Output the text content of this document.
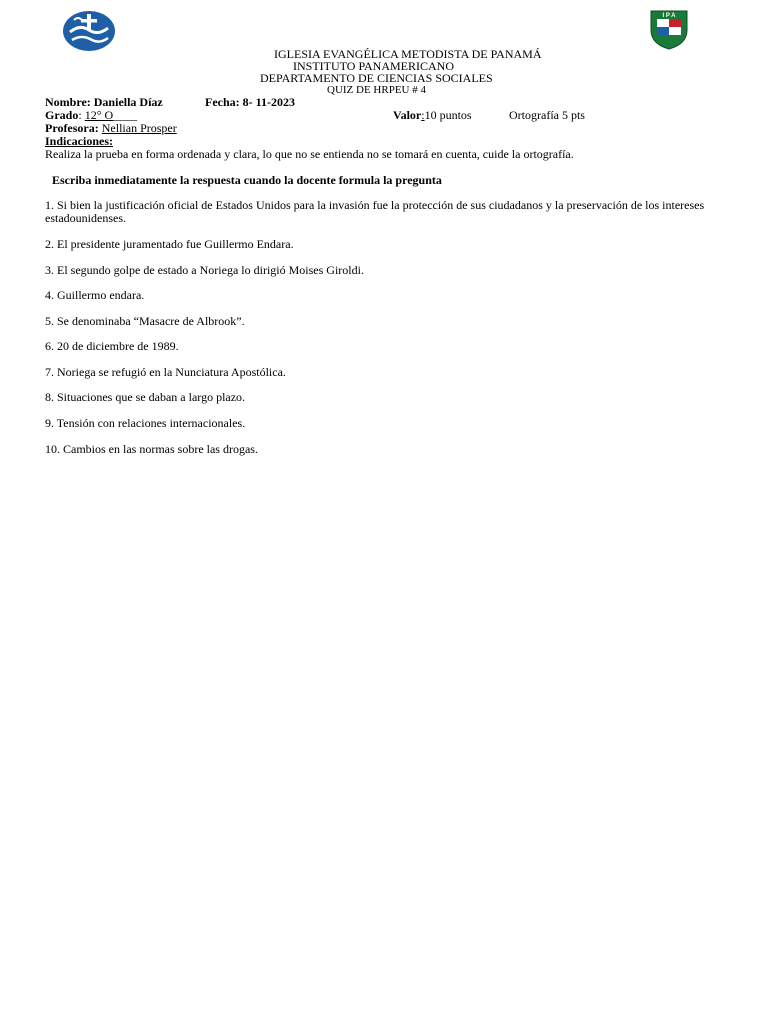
I P A
IGLESIA EVANGÉLICA METODISTA DE PANAMÁ
INSTITUTO PANAMERICANO
DEPARTAMENTO DE CIENCIAS SOCIALES
QUIZ DE HRPEU # 4
Nombre: Daniella Díaz	Fecha: 8- 11-2023
Grado: 12° O____	Valor:10 puntos	Ortografía 5 pts
Profesora: Nellian Prosper
Indicaciones:
Realiza la prueba en forma ordenada y clara, lo que no se entienda no se tomará en cuenta, cuide la ortografía.
Escriba inmediatamente la respuesta cuando la docente formula la pregunta
1. Si bien la justificación oficial de Estados Unidos para la invasión fue la protección de sus ciudadanos y la preservación de los intereses estadounidenses.
2. El presidente juramentado fue Guillermo Endara.
3. El segundo golpe de estado a Noriega lo dirigió Moises Giroldi.
4. Guillermo endara.
5. Se denominaba “Masacre de Albrook”.
6. 20 de diciembre de 1989.
7. Noriega se refugió en la Nunciatura Apostólica.
8. Situaciones que se daban a largo plazo.
9. Tensión con relaciones internacionales.
10. Cambios en las normas sobre las drogas.
